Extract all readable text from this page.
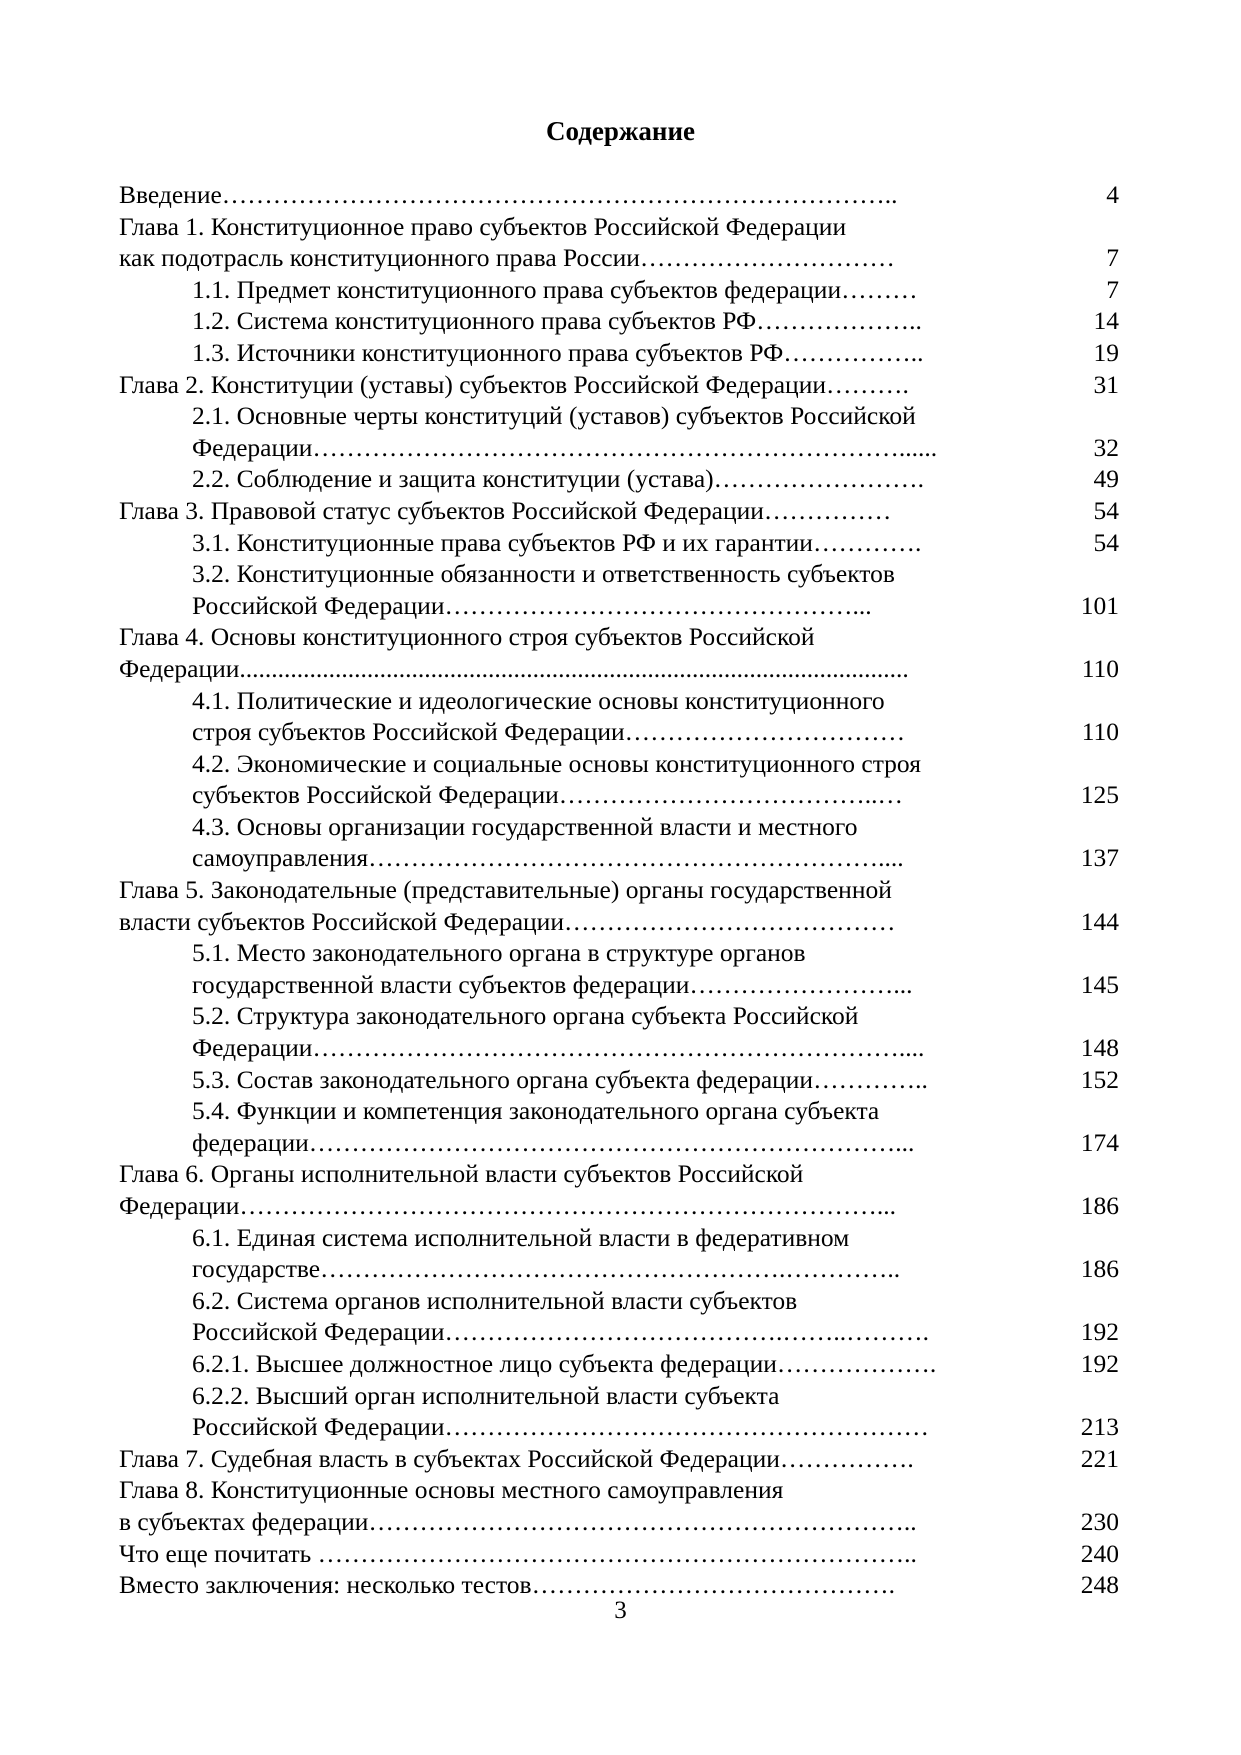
Содержание
Введение……………………………………………………………………..	4
Глава 1. Конституционное право субъектов Российской Федерации
как подотрасль конституционного права России…………………………	7
1.1. Предмет конституционного права субъектов федерации………	7
1.2. Система конституционного права субъектов РФ………………..	14
1.3. Источники конституционного права субъектов РФ……………..	19
Глава 2. Конституции (уставы) субъектов Российской Федерации……….	31
2.1. Основные черты конституций (уставов) субъектов Российской
Федерации……………………………………………………………......	32
2.2. Соблюдение и защита конституции (устава)…………………….	49
Глава 3. Правовой статус субъектов Российской Федерации……………	54
3.1. Конституционные права субъектов РФ и их гарантии………….	54
3.2. Конституционные обязанности и ответственность субъектов
Российской Федерации…………………………………………...	101
Глава 4. Основы конституционного строя субъектов Российской
Федерации.........................................................................................................	110
4.1. Политические и идеологические основы конституционного
строя субъектов Российской Федерации……………………………	110
4.2. Экономические и социальные основы конституционного строя
субъектов Российской Федерации………………………………..…	125
4.3. Основы организации государственной власти и местного
самоуправления……………………………………………………....	137
Глава 5. Законодательные (представительные) органы государственной
власти субъектов Российской Федерации…………………………………	144
5.1. Место законодательного органа в структуре органов
государственной власти субъектов федерации……………………...	145
5.2. Структура законодательного органа субъекта Российской
Федерации……………………………………………………………....	148
5.3. Состав законодательного органа субъекта федерации…………..	152
5.4. Функции и компетенция законодательного органа субъекта
федерации……………………………………………………………...	174
Глава 6. Органы исполнительной власти субъектов Российской
Федерации…………………………………………………………………...	186
6.1. Единая система исполнительной власти в федеративном
государстве……………………………………………….…………..	186
6.2. Система органов исполнительной власти субъектов
Российской Федерации………………………………….……..……….	192
6.2.1. Высшее должностное лицо субъекта федерации……………….	192
6.2.2. Высший орган исполнительной власти субъекта
Российской Федерации…………………………………………………	213
Глава 7. Судебная власть в субъектах Российской Федерации…………….	221
Глава 8. Конституционные основы местного самоуправления
в субъектах федерации………………………………………………………..	230
Что еще почитать ……………………………………………………………..	240
Вместо заключения: несколько тестов…………………………………….	248
3
